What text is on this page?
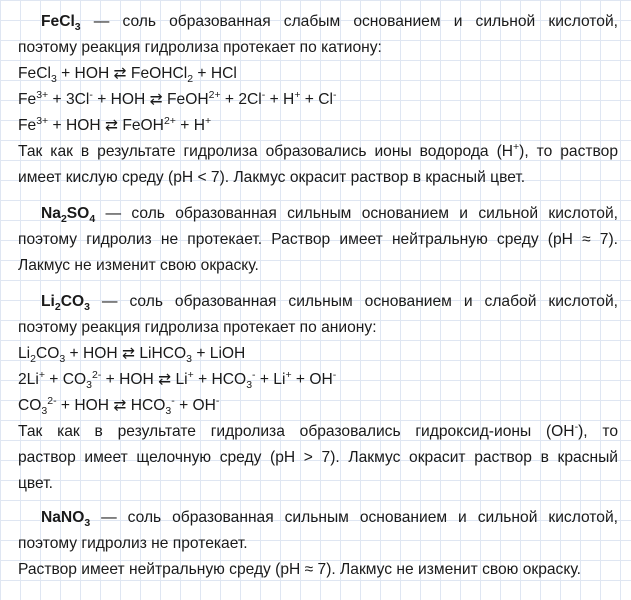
FeCl$_3$ — соль образованная слабым основанием и сильной кислотой,
поэтому реакция гидролиза протекает по катиону:
FeCl$_3$ + HOH ⇄ FeOHCl$_2$ + HCl
$Fe^{3+} + 3Cl^-$ + HOH ⇄ FeOH$^{2+}$ + 2Cl- + H+ + Cl-
$Fe^{3+}$ + HOH ⇄ FeOH$^{2+}$ + H+
Так как в результате гидролиза образовались ионы водорода (H+), то раствор
имеет кислую среду (pH < 7). Лакмус окрасит раствор в красный цвет.
$Na_2SO_4$ — соль образованная сильным основанием и сильной кислотой,
поэтому гидролиз не протекает. Раствор имеет нейтральную среду (pH ≈ 7).
Лакмус не изменит свою окраску.
$Li_2CO_3$ — соль образованная сильным основанием и слабой кислотой,
поэтому реакция гидролиза протекает по аниону:
$Li_2CO_3$ + HOH ⇄ LiHCO$_3$ + LiOH
$2Li^+ + CO_3^{2-}$ + HOH ⇄ $Li^+ + HCO_3^- + Li^+ + OH^-$
$CO_3^{2-}$ + HOH ⇄ $HCO_3^- + OH^-$
Так как в результате гидролиза образовались гидроксид-ионы (OH-), то
раствор имеет щелочную среду (pH > 7). Лакмус окрасит раствор в красный
цвет.
NaNO$_3$ — соль образованная сильным основанием и сильной кислотой,
поэтому гидролиз не протекает.
Раствор имеет нейтральную среду (pH ≈ 7). Лакмус не изменит свою окраску.
